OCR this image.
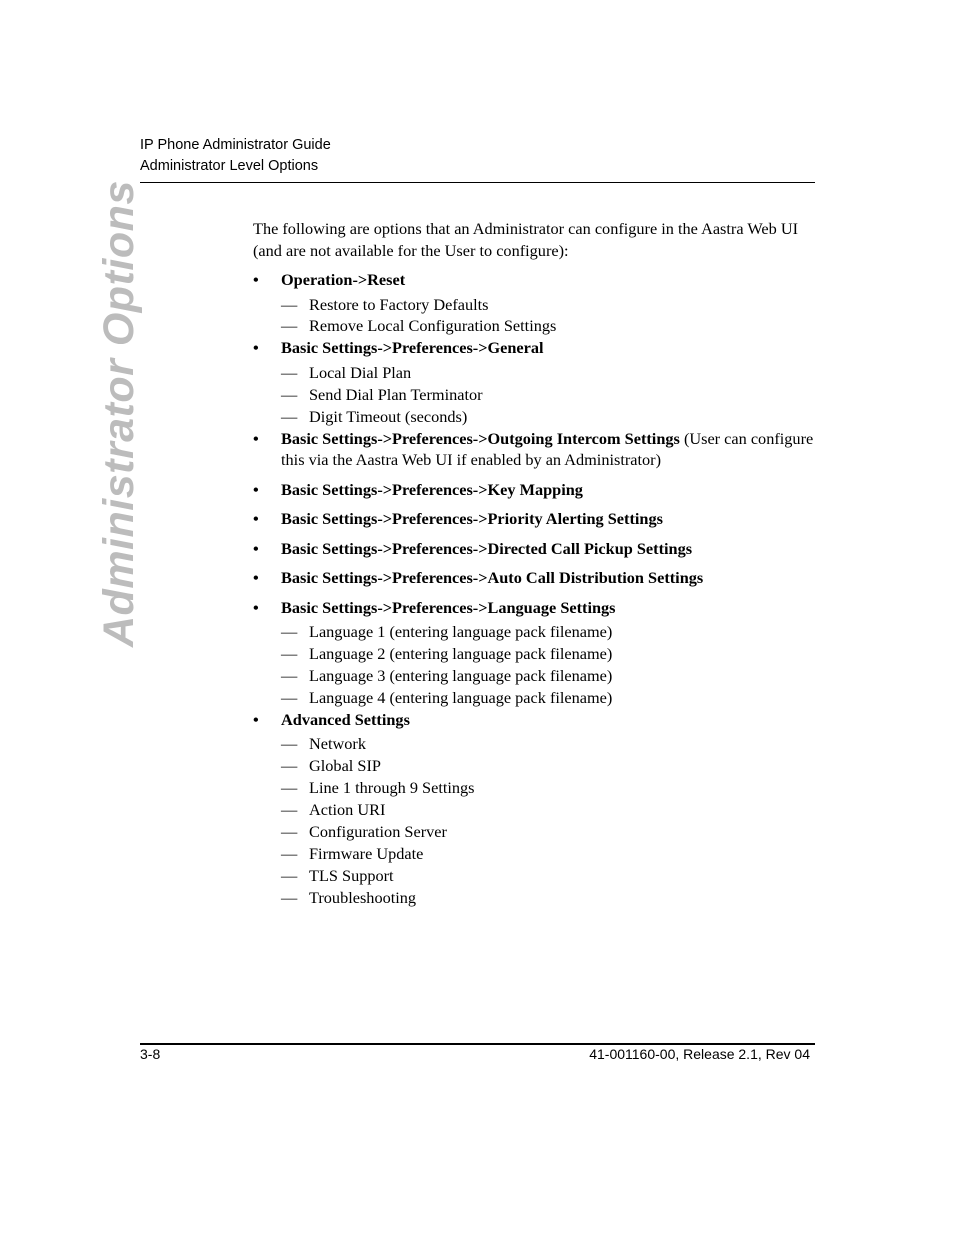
IP Phone Administrator Guide
Administrator Level Options
Administrator Options	The following are options that an Administrator can configure in the Aastra Web UI (and are not available for the User to configure):

• Operation->Reset
— Restore to Factory Defaults
— Remove Local Configuration Settings
• Basic Settings->Preferences->General
— Local Dial Plan
— Send Dial Plan Terminator
— Digit Timeout (seconds)
• Basic Settings->Preferences->Outgoing Intercom Settings (User can configure this via the Aastra Web UI if enabled by an Administrator)
• Basic Settings->Preferences->Key Mapping
• Basic Settings->Preferences->Priority Alerting Settings
• Basic Settings->Preferences->Directed Call Pickup Settings
• Basic Settings->Preferences->Auto Call Distribution Settings
• Basic Settings->Preferences->Language Settings
— Language 1 (entering language pack filename)
— Language 2 (entering language pack filename)
— Language 3 (entering language pack filename)
— Language 4 (entering language pack filename)
• Advanced Settings
— Network
— Global SIP
— Line 1 through 9 Settings
— Action URI
— Configuration Server
— Firmware Update
— TLS Support
— Troubleshooting
3-8	41-001160-00, Release 2.1, Rev 04
